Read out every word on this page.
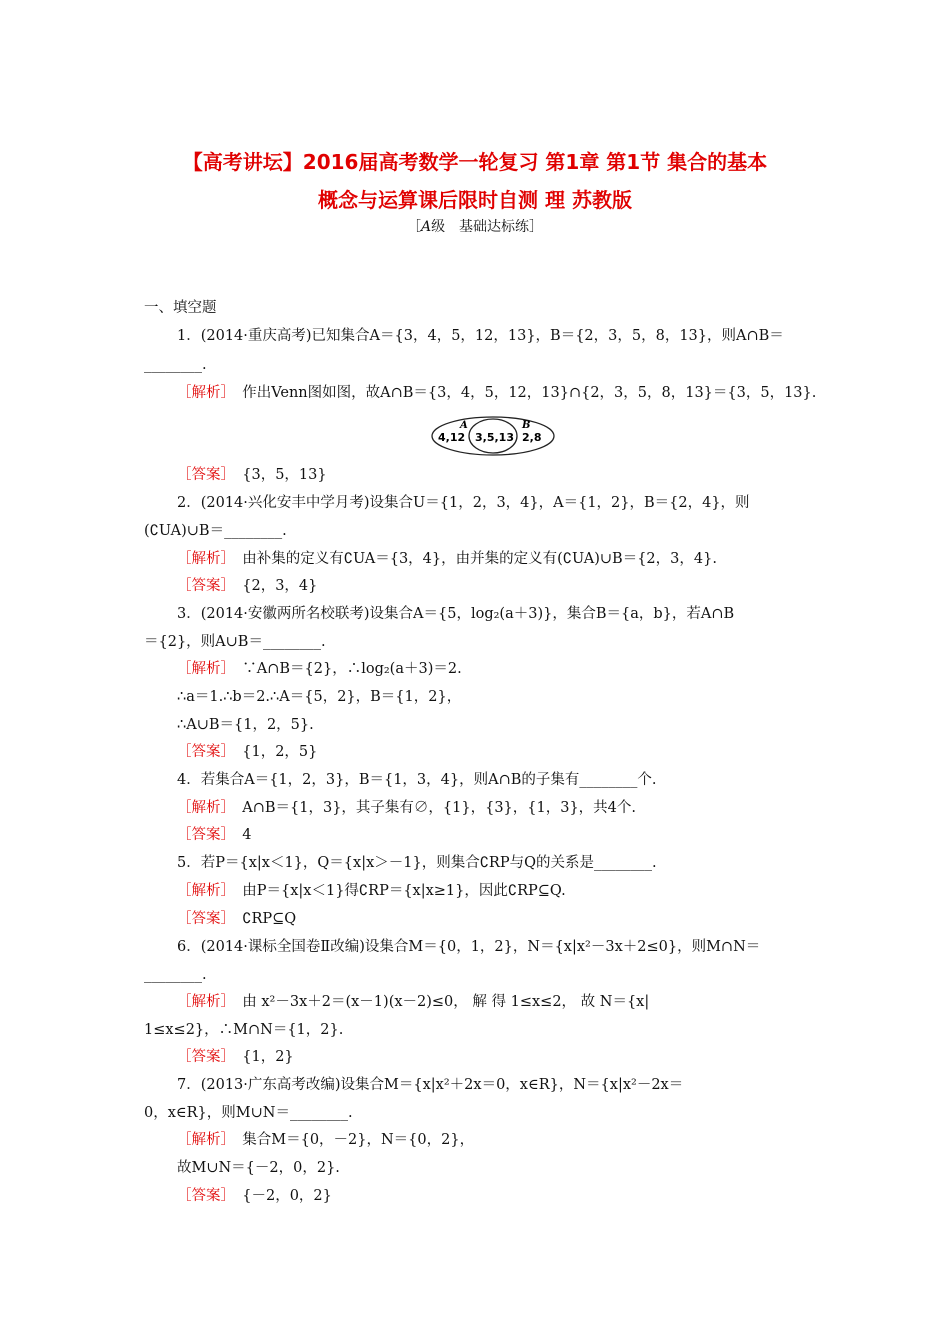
【高考讲坛】2016届高考数学一轮复习 第1章 第1节 集合的基本
概念与运算课后限时自测 理 苏教版
［A级　基础达标练］
一、填空题
1．(2014·重庆高考)已知集合A＝{3，4，5，12，13}，B＝{2，3，5，8，13}，则A∩B＝
________.
［解析］　 作出Venn图如图，故A∩B＝{3，4，5，12，13}∩{2，3，5，8，13}＝{3，5，13}.
A	B
4,12 3,5,13 2,8
［答案］　 {3，5，13}
2．(2014·兴化安丰中学月考)设集合U＝{1，2，3，4}，A＝{1，2}，B＝{2，4}，则
(∁UA)∪B＝________.
［解析］　 由补集的定义有∁UA＝{3，4}，由并集的定义有(∁UA)∪B＝{2，3，4}.
［答案］　 {2，3，4}
3．(2014·安徽两所名校联考)设集合A＝{5，log₂(a＋3)}，集合B＝{a，b}，若A∩B
＝{2}，则A∪B＝________.
［解析］　 ∵A∩B＝{2}，∴log₂(a＋3)＝2.
∴a＝1.∴b＝2.∴A＝{5，2}，B＝{1，2}，
∴A∪B＝{1，2，5}.
［答案］　 {1，2，5}
4．若集合A＝{1，2，3}，B＝{1，3，4}，则A∩B的子集有________个.
［解析］　 A∩B＝{1，3}，其子集有∅，{1}，{3}，{1，3}，共4个.
［答案］　 4
5．若P＝{x|x＜1}，Q＝{x|x＞－1}，则集合∁RP与Q的关系是________.
［解析］　 由P＝{x|x＜1}得∁RP＝{x|x≥1}，因此∁RP⊆Q.
［答案］　 ∁RP⊆Q
6．(2014·课标全国卷Ⅱ改编)设集合M＝{0，1，2}，N＝{x|x²－3x＋2≤0}，则M∩N＝
________.
［解析］　 由 x²－3x＋2＝(x－1)(x－2)≤0， 解 得 1≤x≤2， 故 N＝{x|
1≤x≤2}，∴M∩N＝{1，2}.
［答案］　 {1，2}
7．(2013·广东高考改编)设集合M＝{x|x²＋2x＝0，x∈R}，N＝{x|x²－2x＝
0，x∈R}，则M∪N＝________.
［解析］　 集合M＝{0，－2}，N＝{0，2}，
故M∪N＝{－2，0，2}.
［答案］　 {－2，0，2}
